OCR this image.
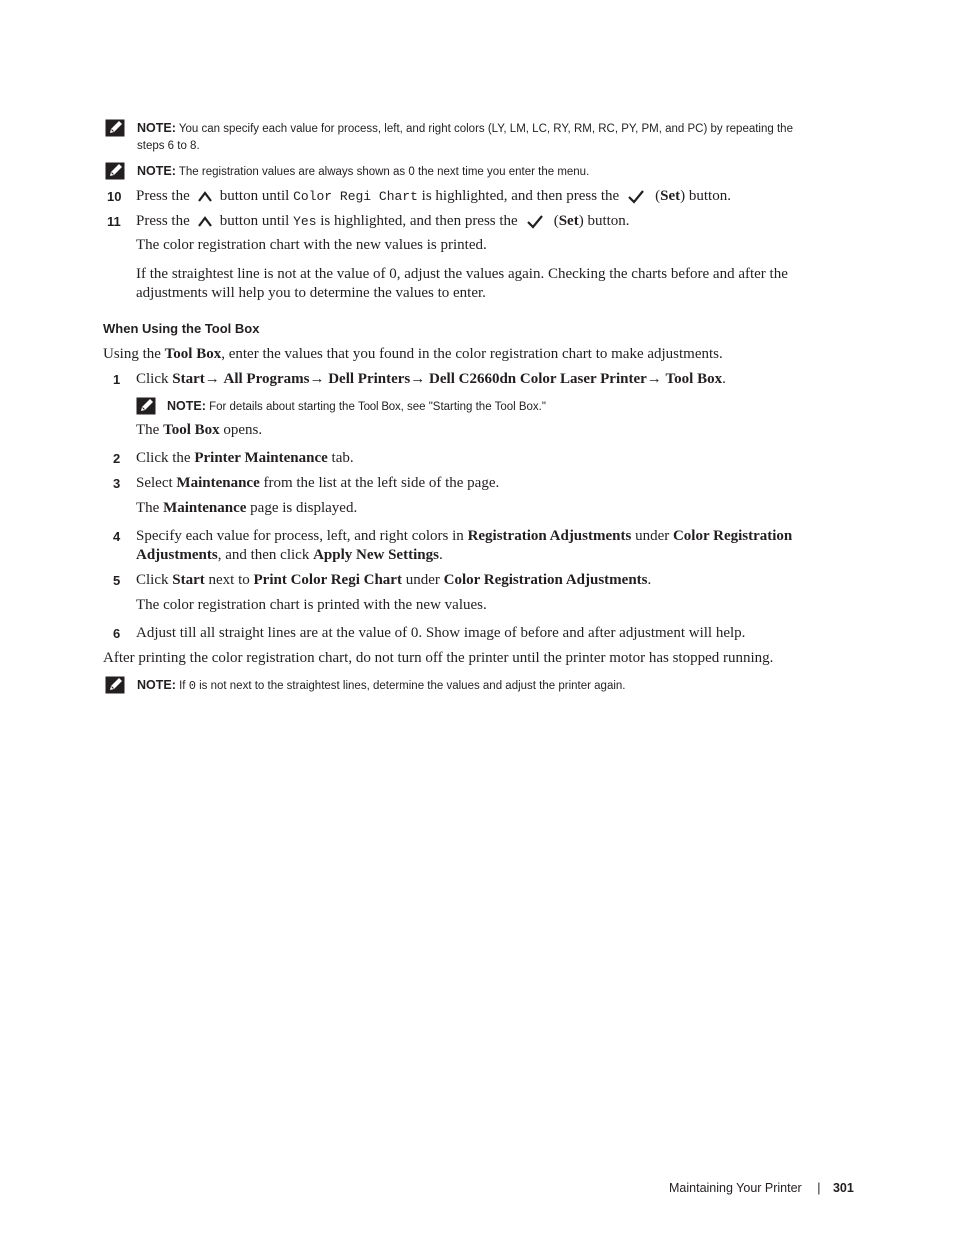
NOTE: You can specify each value for process, left, and right colors (LY, LM, LC, RY, RM, RC, PY, PM, and PC) by repeating the
steps 6 to 8.
NOTE: The registration values are always shown as 0 the next time you enter the menu.
10 Press the button until Color Regi Chart is highlighted, and then press the (Set) button.
11 Press the button until Yes is highlighted, and then press the (Set) button.
The color registration chart with the new values is printed.
If the straightest line is not at the value of 0, adjust the values again. Checking the charts before and after the
adjustments will help you to determine the values to enter.
When Using the Tool Box
Using the Tool Box, enter the values that you found in the color registration chart to make adjustments.
1 Click Start→ All Programs→ Dell Printers→ Dell C2660dn Color Laser Printer→ Tool Box.
NOTE: For details about starting the Tool Box, see "Starting the Tool Box."
The Tool Box opens.
2 Click the Printer Maintenance tab.
3 Select Maintenance from the list at the left side of the page.
The Maintenance page is displayed.
4 Specify each value for process, left, and right colors in Registration Adjustments under Color Registration
Adjustments, and then click Apply New Settings.
5 Click Start next to Print Color Regi Chart under Color Registration Adjustments.
The color registration chart is printed with the new values.
6 Adjust till all straight lines are at the value of 0. Show image of before and after adjustment will help.
After printing the color registration chart, do not turn off the printer until the printer motor has stopped running.
NOTE: If 0 is not next to the straightest lines, determine the values and adjust the printer again.
Maintaining Your Printer | 301
